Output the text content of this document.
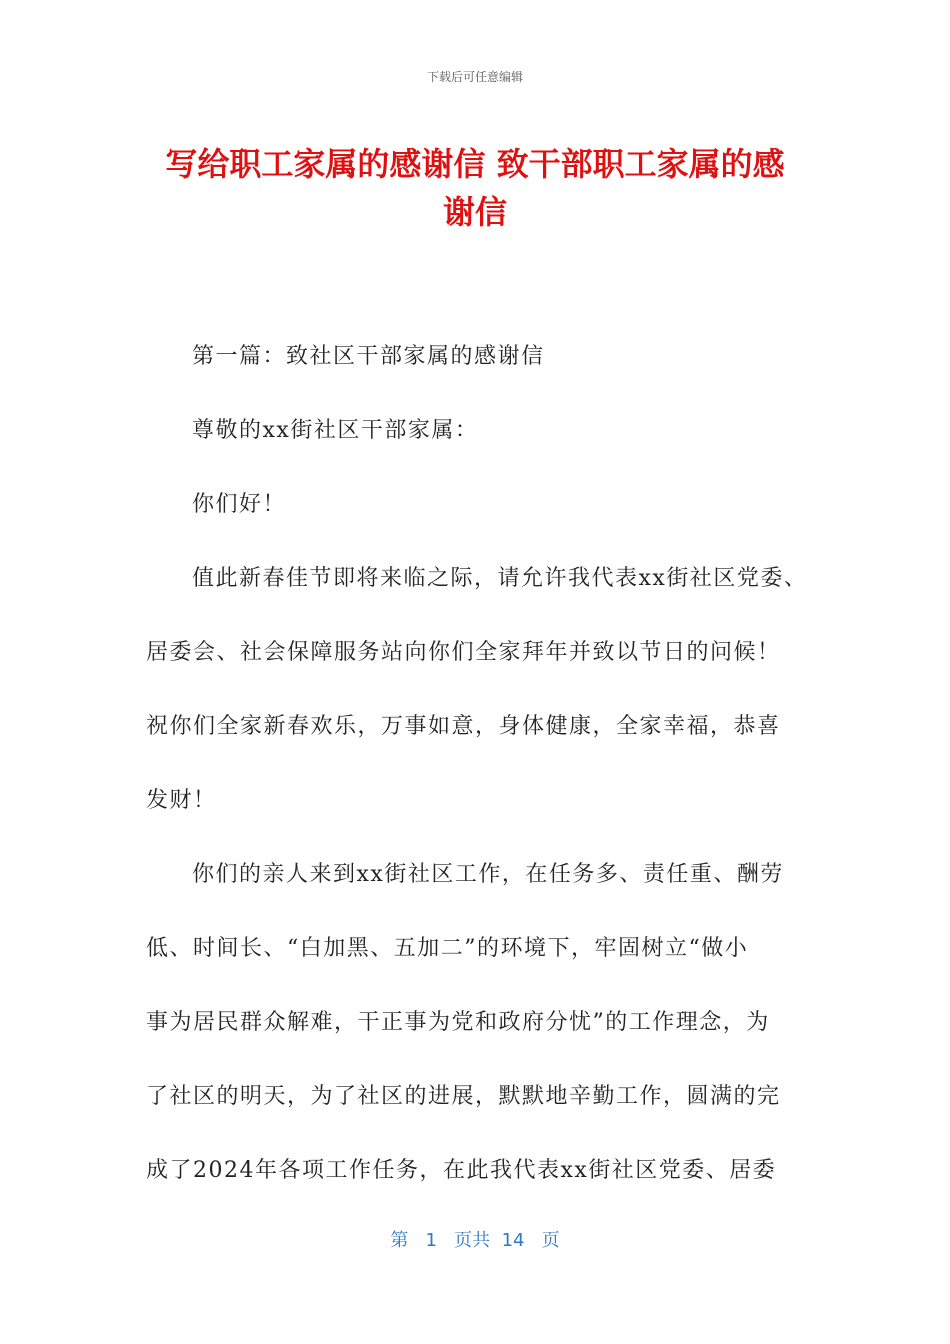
下载后可任意编辑
写给职工家属的感谢信 致干部职工家属的感
谢信

第一篇：致社区干部家属的感谢信

尊敬的xx街社区干部家属：

你们好！

值此新春佳节即将来临之际，请允许我代表xx街社区党委、

居委会、社会保障服务站向你们全家拜年并致以节日的问候！

祝你们全家新春欢乐，万事如意，身体健康，全家幸福，恭喜

发财！

你们的亲人来到xx街社区工作，在任务多、责任重、酬劳

低、时间长、“白加黑、五加二”的环境下，牢固树立“做小

事为居民群众解难，干正事为党和政府分忧”的工作理念，为

了社区的明天，为了社区的进展，默默地辛勤工作，圆满的完

成了2024年各项工作任务，在此我代表xx街社区党委、居委

第 1 页共 14 页
